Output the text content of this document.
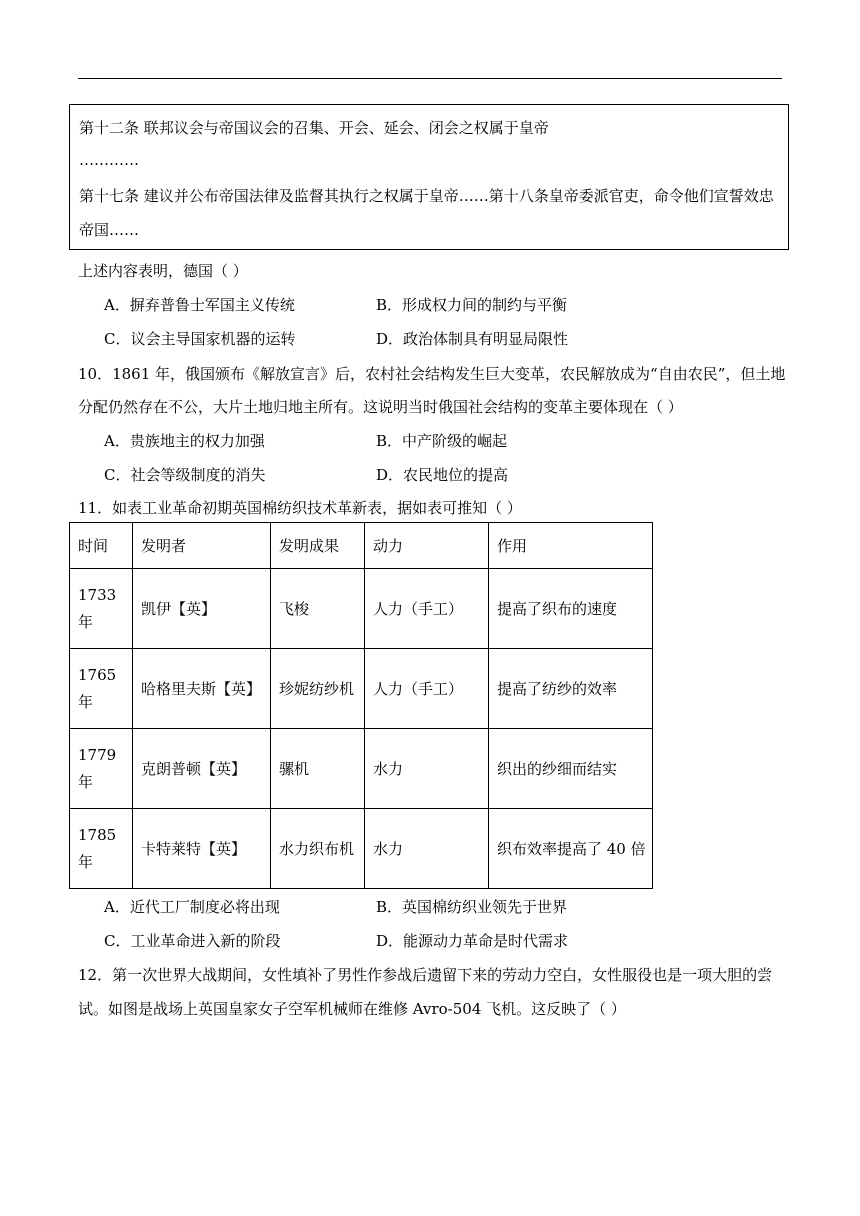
第十二条 联邦议会与帝国议会的召集、开会、延会、闭会之权属于皇帝
…………
第十七条 建议并公布帝国法律及监督其执行之权属于皇帝……第十八条皇帝委派官吏，命令他们宣誓效忠
帝国……
上述内容表明，德国（ ）
A．摒弃普鲁士军国主义传统	B．形成权力间的制约与平衡
C．议会主导国家机器的运转	D．政治体制具有明显局限性
10．1861 年，俄国颁布《解放宣言》后，农村社会结构发生巨大变革，农民解放成为“自由农民”，但土地
分配仍然存在不公，大片土地归地主所有。这说明当时俄国社会结构的变革主要体现在（ ）
A．贵族地主的权力加强	B．中产阶级的崛起
C．社会等级制度的消失	D．农民地位的提高
11．如表工业革命初期英国棉纺织技术革新表，据如表可推知（ ）
时间	发明者	发明成果	动力	作用
1733
年	凯伊【英】	飞梭	人力（手工）	提高了织布的速度
1765
年	哈格里夫斯【英】	珍妮纺纱机	人力（手工）	提高了纺纱的效率
1779
年	克朗普顿【英】	骡机	水力	织出的纱细而结实
1785
年	卡特莱特【英】	水力织布机	水力	织布效率提高了 40 倍
A．近代工厂制度必将出现	B．英国棉纺织业领先于世界
C．工业革命进入新的阶段	D．能源动力革命是时代需求
12．第一次世界大战期间，女性填补了男性作参战后遗留下来的劳动力空白，女性服役也是一项大胆的尝
试。如图是战场上英国皇家女子空军机械师在维修 Avro-504 飞机。这反映了（ ）
